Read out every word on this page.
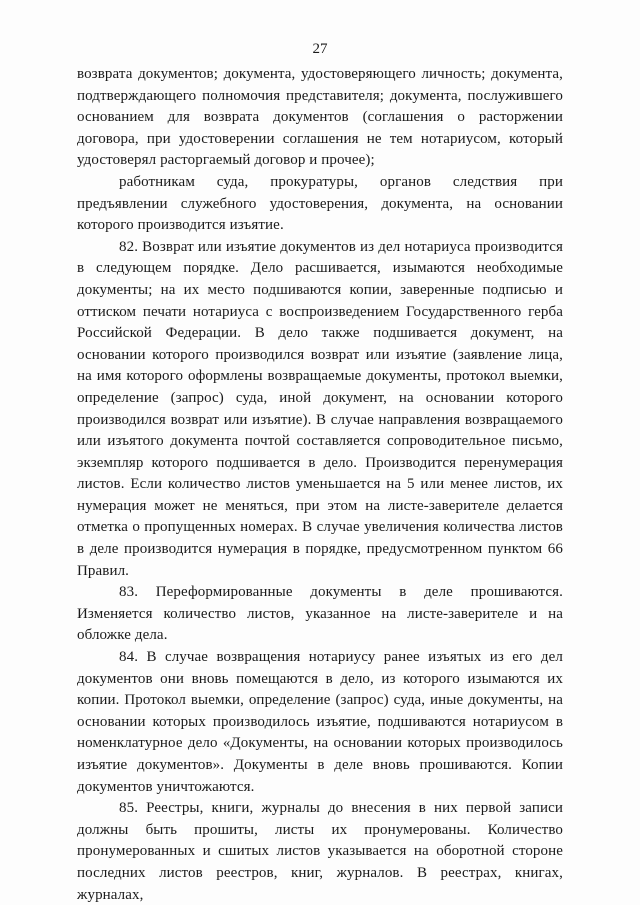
27

возврата документов; документа, удостоверяющего личность; документа, подтверждающего полномочия представителя; документа, послужившего основанием для возврата документов (соглашения о расторжении договора, при удостоверении соглашения не тем нотариусом, который удостоверял расторгаемый договор и прочее);

работникам суда, прокуратуры, органов следствия при предъявлении служебного удостоверения, документа, на основании которого производится изъятие.

82. Возврат или изъятие документов из дел нотариуса производится в следующем порядке. Дело расшивается, изымаются необходимые документы; на их место подшиваются копии, заверенные подписью и оттиском печати нотариуса с воспроизведением Государственного герба Российской Федерации. В дело также подшивается документ, на основании которого производился возврат или изъятие (заявление лица, на имя которого оформлены возвращаемые документы, протокол выемки, определение (запрос) суда, иной документ, на основании которого производился возврат или изъятие). В случае направления возвращаемого или изъятого документа почтой составляется сопроводительное письмо, экземпляр которого подшивается в дело. Производится перенумерация листов. Если количество листов уменьшается на 5 или менее листов, их нумерация может не меняться, при этом на листе-заверителе делается отметка о пропущенных номерах. В случае увеличения количества листов в деле производится нумерация в порядке, предусмотренном пунктом 66 Правил.

83. Переформированные документы в деле прошиваются. Изменяется количество листов, указанное на листе-заверителе и на обложке дела.

84. В случае возвращения нотариусу ранее изъятых из его дел документов они вновь помещаются в дело, из которого изымаются их копии. Протокол выемки, определение (запрос) суда, иные документы, на основании которых производилось изъятие, подшиваются нотариусом в номенклатурное дело «Документы, на основании которых производилось изъятие документов». Документы в деле вновь прошиваются. Копии документов уничтожаются.

85. Реестры, книги, журналы до внесения в них первой записи должны быть прошиты, листы их пронумерованы. Количество пронумерованных и сшитых листов указывается на оборотной стороне последних листов реестров, книг, журналов. В реестрах, книгах, журналах,
